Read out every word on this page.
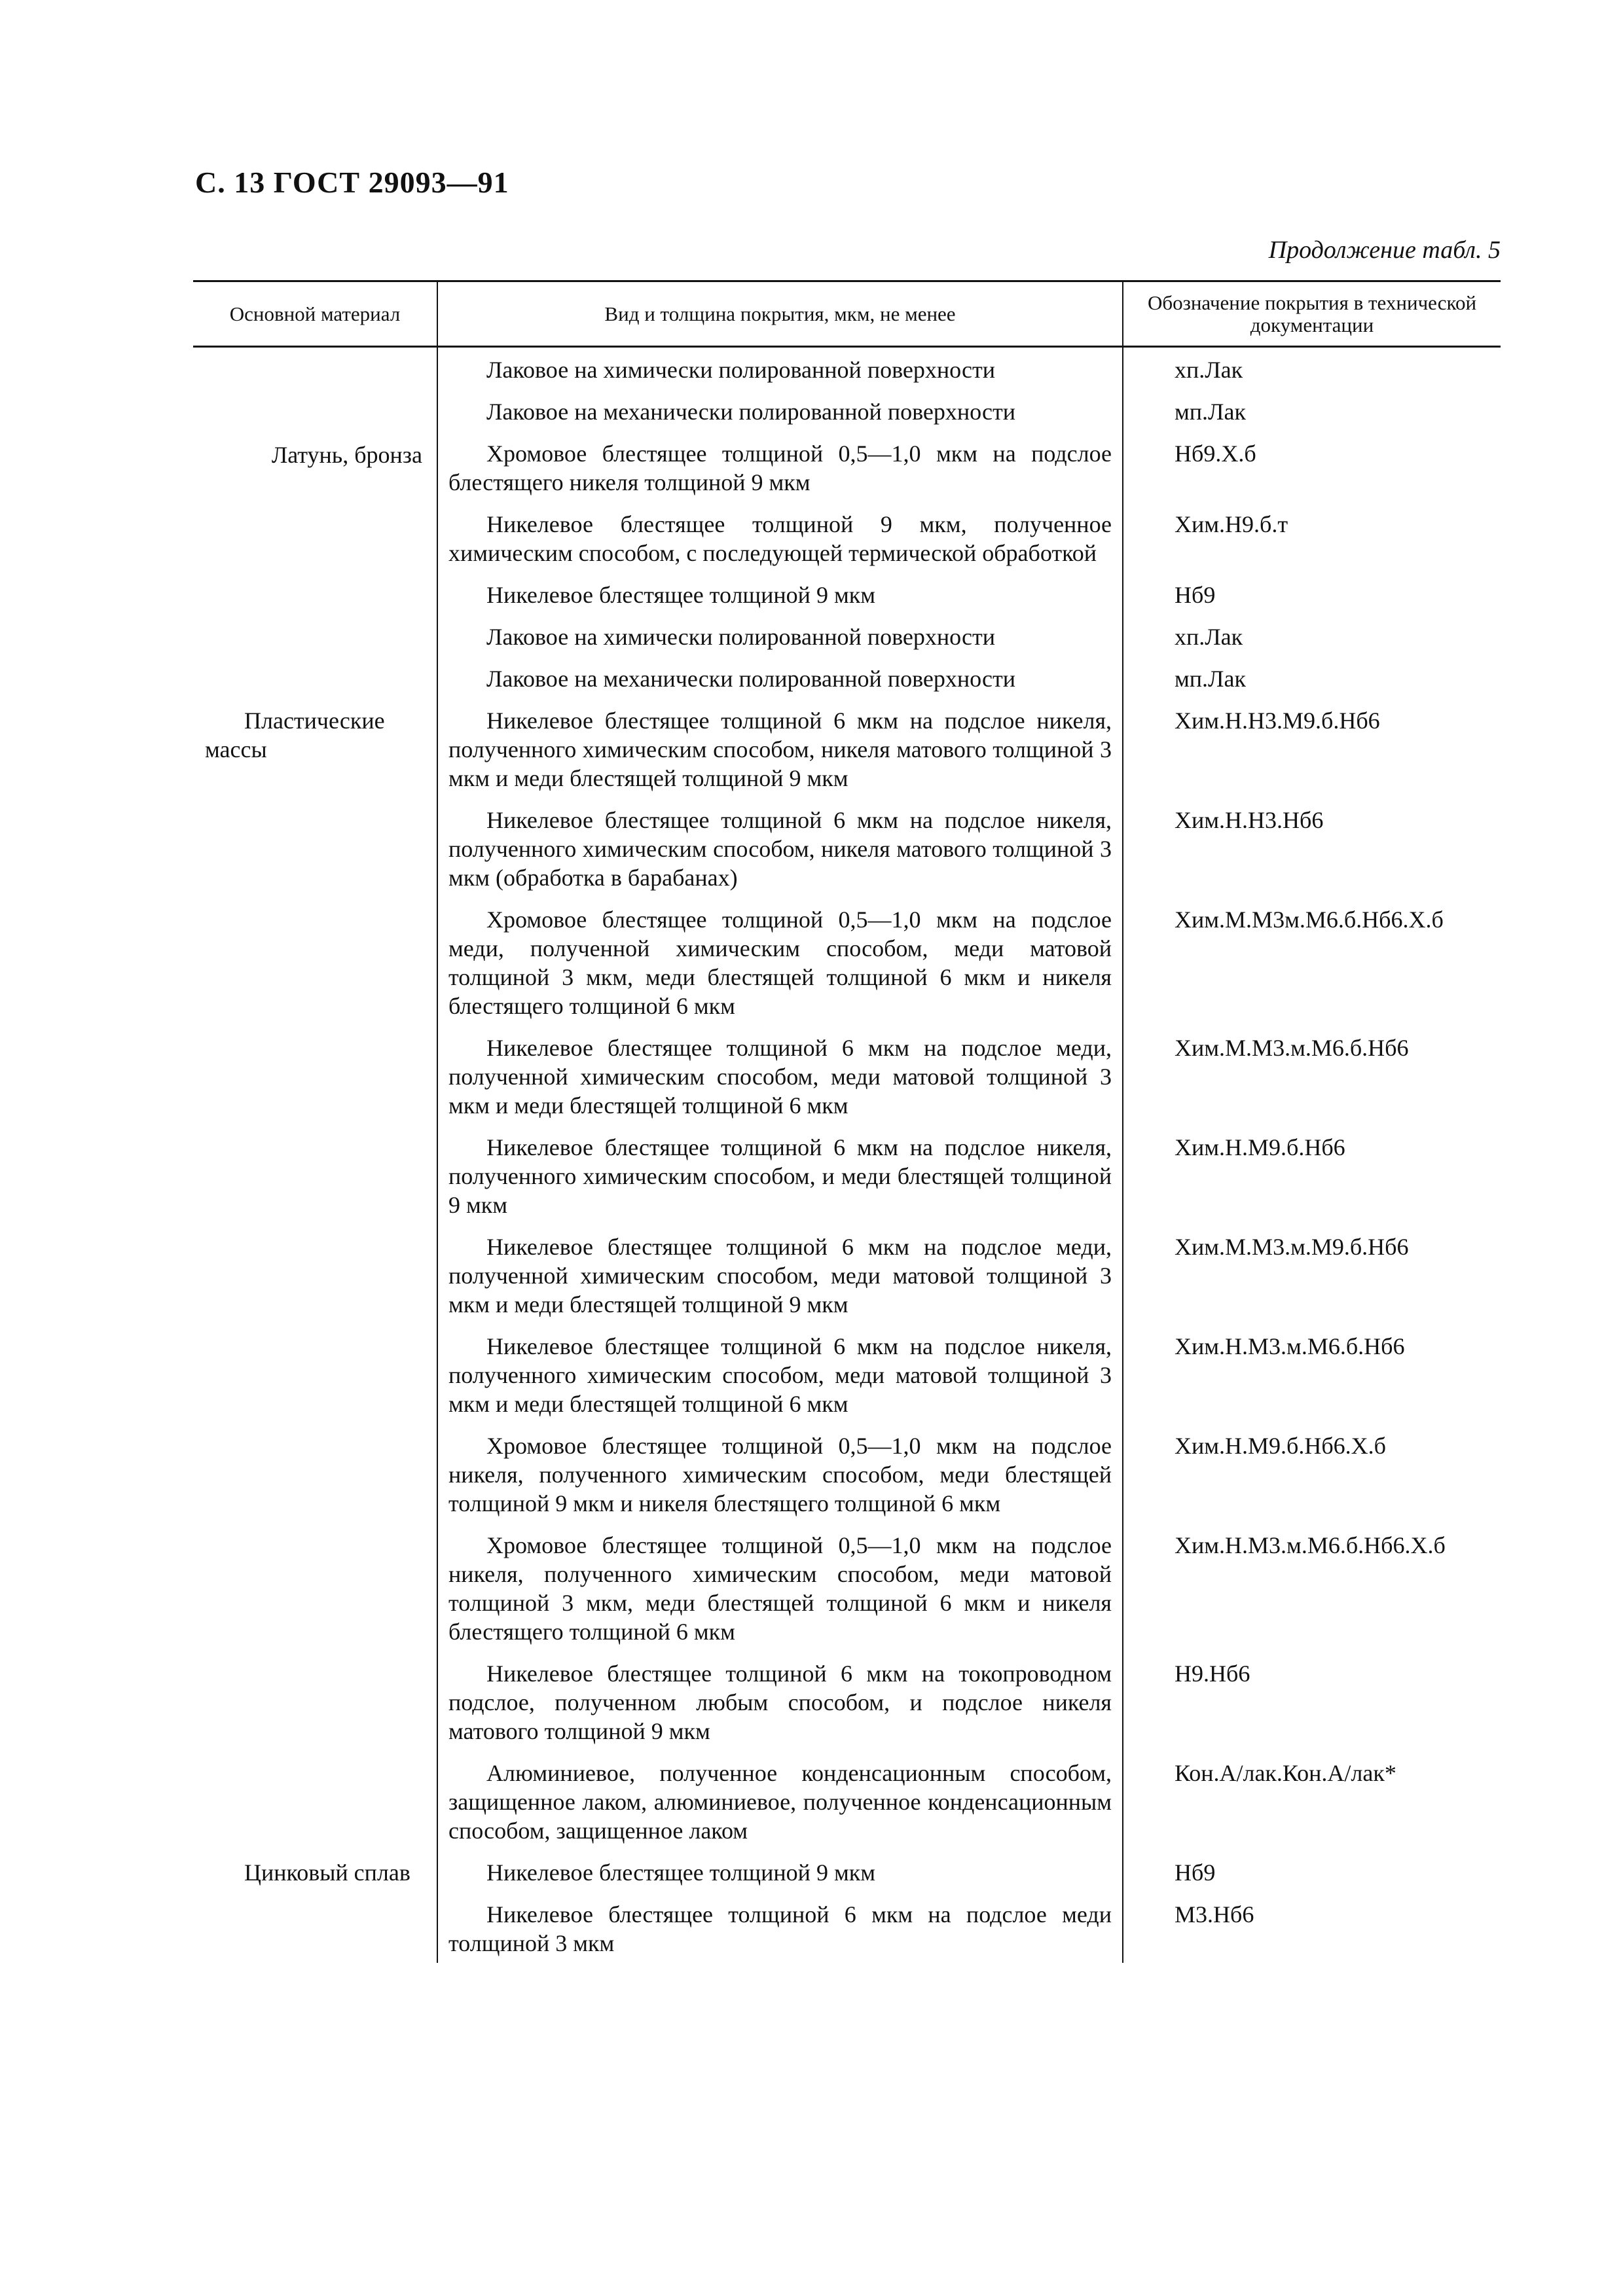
С. 13 ГОСТ 29093—91
Продолжение табл. 5
Основной материал	Вид и толщина покрытия, мкм, не менее	Обозначение покрытия в технической документации

Латунь, бронза	Лаковое на химически полированной поверхности	хп.Лак
	Лаковое на механически полированной поверхности	мп.Лак
	Хромовое блестящее толщиной 0,5—1,0 мкм на подслое блестящего никеля толщиной 9 мкм	Нб9.Х.б
	Никелевое блестящее толщиной 9 мкм, полученное химическим способом, с последующей термической обработкой	Хим.Н9.б.т
	Никелевое блестящее толщиной 9 мкм	Нб9
	Лаковое на химически полированной поверхности	хп.Лак
	Лаковое на механически полированной поверхности	мп.Лак

Пластические массы	Никелевое блестящее толщиной 6 мкм на подслое никеля, полученного химическим способом, никеля матового толщиной 3 мкм и меди блестящей толщиной 9 мкм	Хим.Н.Н3.М9.б.Нб6
	Никелевое блестящее толщиной 6 мкм на подслое никеля, полученного химическим способом, никеля матового толщиной 3 мкм (обработка в барабанах)	Хим.Н.Н3.Нб6
	Хромовое блестящее толщиной 0,5—1,0 мкм на подслое меди, полученной химическим способом, меди матовой толщиной 3 мкм, меди блестящей толщиной 6 мкм и никеля блестящего толщиной 6 мкм	Хим.М.М3м.М6.б.Нб6.Х.б
	Никелевое блестящее толщиной 6 мкм на подслое меди, полученной химическим способом, меди матовой толщиной 3 мкм и меди блестящей толщиной 6 мкм	Хим.М.М3.м.М6.б.Нб6
	Никелевое блестящее толщиной 6 мкм на подслое никеля, полученного химическим способом, и меди блестящей толщиной 9 мкм	Хим.Н.М9.б.Нб6
	Никелевое блестящее толщиной 6 мкм на подслое меди, полученной химическим способом, меди матовой толщиной 3 мкм и меди блестящей толщиной 9 мкм	Хим.М.М3.м.М9.б.Нб6
	Никелевое блестящее толщиной 6 мкм на подслое никеля, полученного химическим способом, меди матовой толщиной 3 мкм и меди блестящей толщиной 6 мкм	Хим.Н.М3.м.М6.б.Нб6
	Хромовое блестящее толщиной 0,5—1,0 мкм на подслое никеля, полученного химическим способом, меди блестящей толщиной 9 мкм и никеля блестящего толщиной 6 мкм	Хим.Н.М9.б.Нб6.Х.б
	Хромовое блестящее толщиной 0,5—1,0 мкм на подслое никеля, полученного химическим способом, меди матовой толщиной 3 мкм, меди блестящей толщиной 6 мкм и никеля блестящего толщиной 6 мкм	Хим.Н.М3.м.М6.б.Нб6.Х.б
	Никелевое блестящее толщиной 6 мкм на токопроводном подслое, полученном любым способом, и подслое никеля матового толщиной 9 мкм	Н9.Нб6
	Алюминиевое, полученное конденсационным способом, защищенное лаком, алюминиевое, полученное конденсационным способом, защищенное лаком	Кон.А/лак.Кон.А/лак*

Цинковый сплав	Никелевое блестящее толщиной 9 мкм	Нб9
	Никелевое блестящее толщиной 6 мкм на подслое меди толщиной 3 мкм	М3.Нб6
